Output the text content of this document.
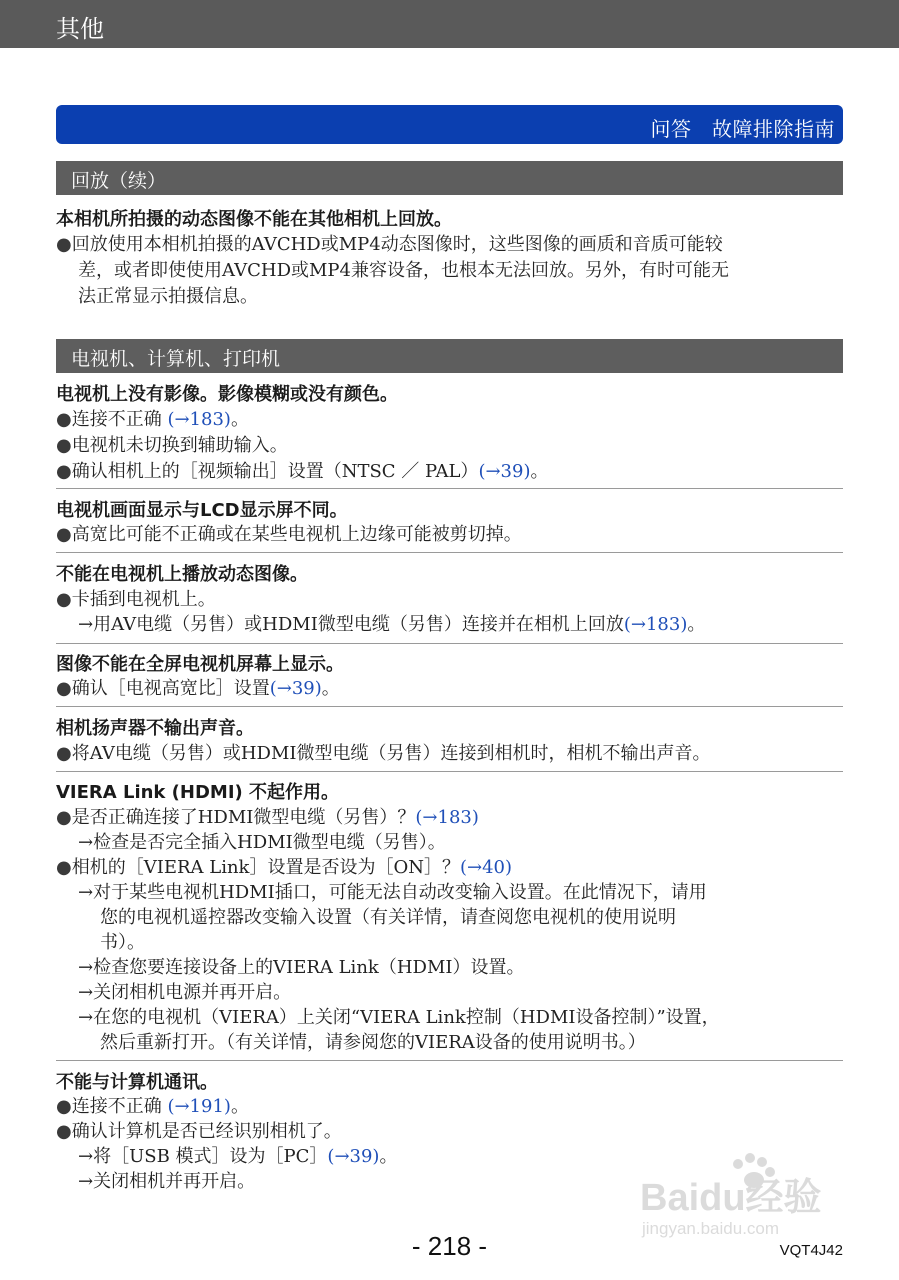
其他
问答　故障排除指南
回放（续）
本相机所拍摄的动态图像不能在其他相机上回放。
●回放使用本相机拍摄的AVCHD或MP4动态图像时，这些图像的画质和音质可能较
差，或者即使使用AVCHD或MP4兼容设备，也根本无法回放。另外，有时可能无
法正常显示拍摄信息。
电视机、计算机、打印机
电视机上没有影像。影像模糊或没有颜色。
●连接不正确 (→183)。
●电视机未切换到辅助输入。
●确认相机上的［视频输出］设置（NTSC ／ PAL）(→39)。
电视机画面显示与LCD显示屏不同。
●高宽比可能不正确或在某些电视机上边缘可能被剪切掉。
不能在电视机上播放动态图像。
●卡插到电视机上。
→用AV电缆（另售）或HDMI微型电缆（另售）连接并在相机上回放(→183)。
图像不能在全屏电视机屏幕上显示。
●确认［电视高宽比］设置(→39)。
相机扬声器不输出声音。
●将AV电缆（另售）或HDMI微型电缆（另售）连接到相机时，相机不输出声音。
VIERA Link (HDMI) 不起作用。
●是否正确连接了HDMI微型电缆（另售）？(→183)
→检查是否完全插入HDMI微型电缆（另售）。
●相机的［VIERA Link］设置是否设为［ON］？(→40)
→对于某些电视机HDMI插口，可能无法自动改变输入设置。在此情况下，请用
您的电视机遥控器改变输入设置（有关详情，请查阅您电视机的使用说明
书）。
→检查您要连接设备上的VIERA Link（HDMI）设置。
→关闭相机电源并再开启。
→在您的电视机（VIERA）上关闭“VIERA Link控制（HDMI设备控制）”设置，
然后重新打开。（有关详情，请参阅您的VIERA设备的使用说明书。）
不能与计算机通讯。
●连接不正确 (→191)。
●确认计算机是否已经识别相机了。
→将［USB 模式］设为［PC］(→39)。
→关闭相机并再开启。	Baidu经验
jingyan.baidu.com
- 218 -	VQT4J42
